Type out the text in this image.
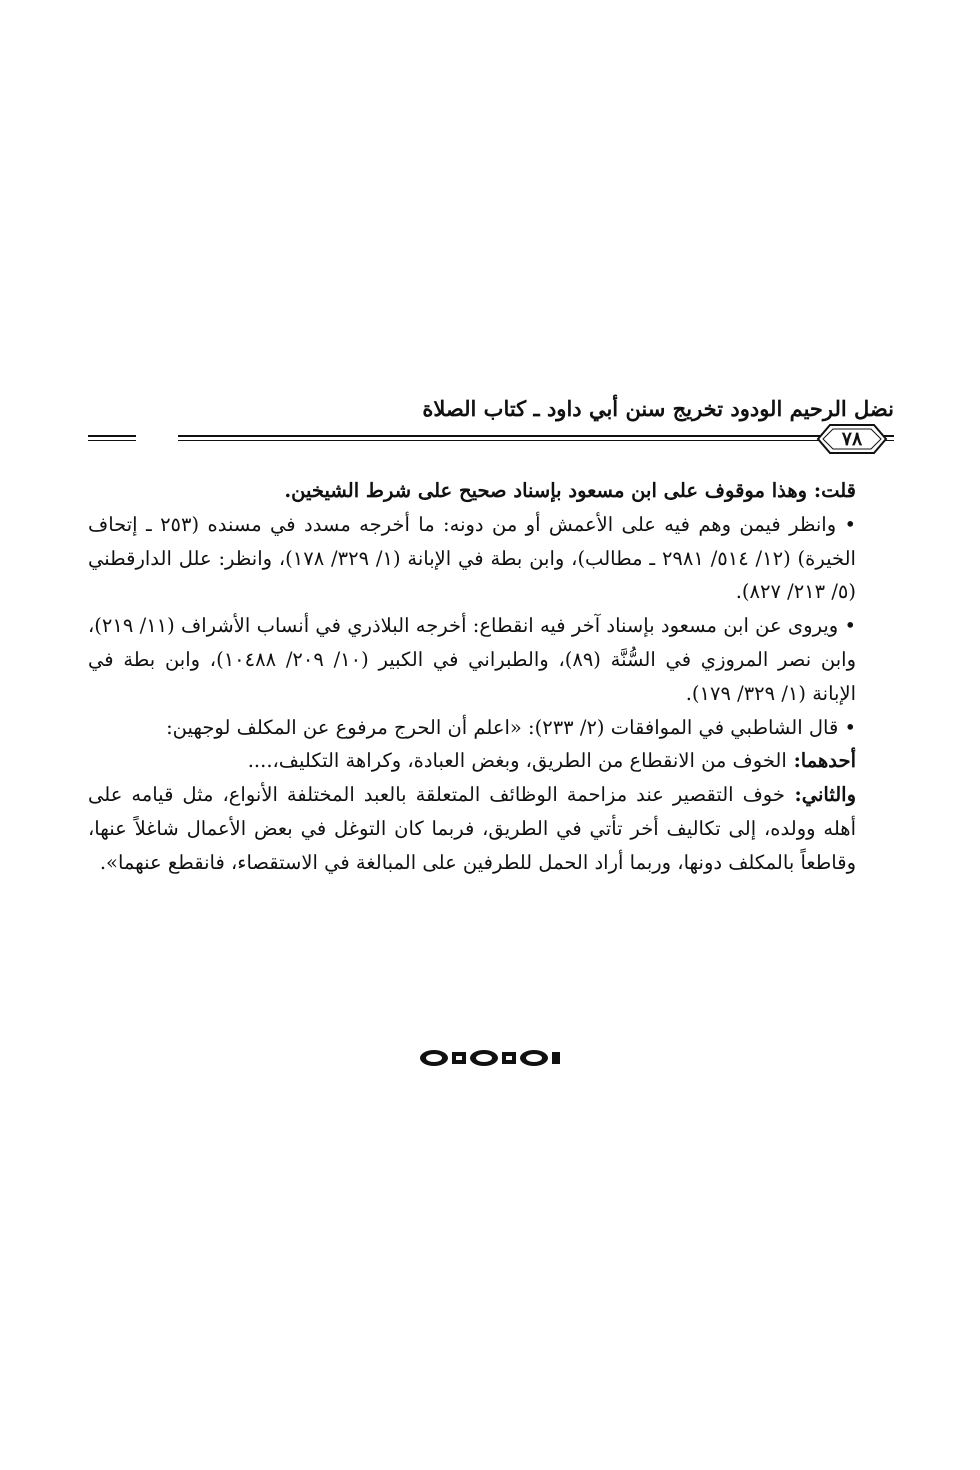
نضل الرحيم الودود تخريج سنن أبي داود ـ كتاب الصلاة
٧٨

قلت: وهذا موقوف على ابن مسعود بإسناد صحيح على شرط الشيخين.

• وانظر فيمن وهم فيه على الأعمش أو من دونه: ما أخرجه مسدد في مسنده (٢٥٣ ـ إتحاف الخيرة) (١٢/ ٥١٤/ ٢٩٨١ ـ مطالب)، وابن بطة في الإبانة (١/ ٣٢٩/ ١٧٨)، وانظر: علل الدارقطني (٥/ ٢١٣/ ٨٢٧).

• ويروى عن ابن مسعود بإسناد آخر فيه انقطاع: أخرجه البلاذري في أنساب الأشراف (١١/ ٢١٩)، وابن نصر المروزي في السُّنَّة (٨٩)، والطبراني في الكبير (١٠/ ٢٠٩/ ١٠٤٨٨)، وابن بطة في الإبانة (١/ ٣٢٩/ ١٧٩).

• قال الشاطبي في الموافقات (٢/ ٢٣٣): «اعلم أن الحرج مرفوع عن المكلف لوجهين:

أحدهما: الخوف من الانقطاع من الطريق، وبغض العبادة، وكراهة التكليف،....

والثاني: خوف التقصير عند مزاحمة الوظائف المتعلقة بالعبد المختلفة الأنواع، مثل قيامه على أهله وولده، إلى تكاليف أخر تأتي في الطريق، فربما كان التوغل في بعض الأعمال شاغلاً عنها، وقاطعاً بالمكلف دونها، وربما أراد الحمل للطرفين على المبالغة في الاستقصاء، فانقطع عنهما».
